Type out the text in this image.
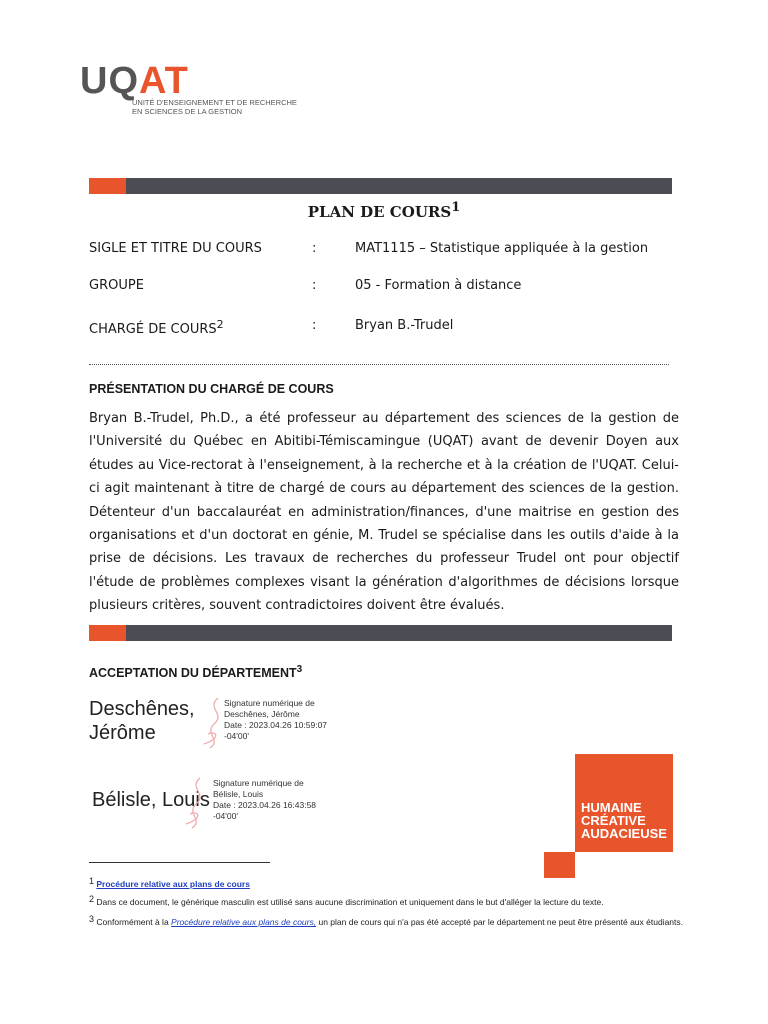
UQAT
UNITÉ D'ENSEIGNEMENT ET DE RECHERCHE
EN SCIENCES DE LA GESTION
PLAN DE COURS$^1$
SIGLE ET TITRE DU COURS	:	MAT1115 – Statistique appliquée à la gestion
GROUPE	:	05 - Formation à distance
CHARGÉ DE COURS$^2$	:	Bryan B.-Trudel
PRÉSENTATION DU CHARGÉ DE COURS
Bryan B.-Trudel, Ph.D., a été professeur au département des sciences de la gestion de l'Université du Québec en Abitibi-Témiscamingue (UQAT) avant de devenir Doyen aux études au Vice-rectorat à l'enseignement, à la recherche et à la création de l'UQAT. Celui-ci agit maintenant à titre de chargé de cours au département des sciences de la gestion. Détenteur d'un baccalauréat en administration/finances, d'une maitrise en gestion des organisations et d'un doctorat en génie, M. Trudel se spécialise dans les outils d'aide à la prise de décisions. Les travaux de recherches du professeur Trudel ont pour objectif l'étude de problèmes complexes visant la génération d'algorithmes de décisions lorsque plusieurs critères, souvent contradictoires doivent être évalués.
ACCEPTATION DU DÉPARTEMENT$^3$
Deschênes,
Jérôme
Signature numérique de
Deschênes, Jérôme
Date : 2023.04.26 10:59:07
-04'00'
Bélisle, Louis
Signature numérique de
Bélisle, Louis
Date : 2023.04.26 16:43:58
-04'00'
HUMAINE
CRÉATIVE
AUDACIEUSE
$^1$ Procédure relative aux plans de cours
$^2$ Dans ce document, le générique masculin est utilisé sans aucune discrimination et uniquement dans le but d'alléger la lecture du texte.
$^3$ Conformément à la Procédure relative aux plans de cours, un plan de cours qui n'a pas été accepté par le département ne peut être présenté aux étudiants.
